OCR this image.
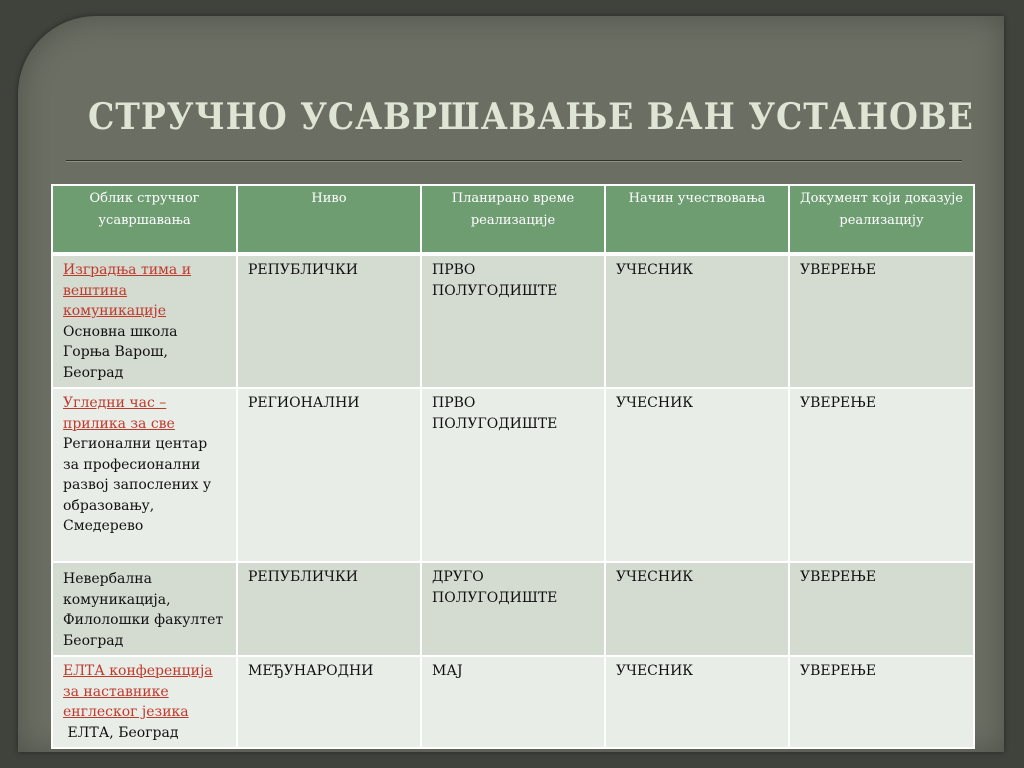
СТРУЧНО УСАВРШАВАЊЕ ВАН УСТАНОВЕ
Облик стручног усавршавања	Ниво	Планирано време реализације	Начин учествовања	Документ који доказује реализацију

Изградња тима и вештина комуникације
Основна школа Горња Варош, Београд	РЕПУБЛИЧКИ	ПРВО ПОЛУГОДИШТЕ	УЧЕСНИК	УВЕРЕЊЕ

Угледни час – прилика за све
Регионални центар за професионални развој запослених у образовању, Смедерево	РЕГИОНАЛНИ	ПРВО ПОЛУГОДИШТЕ	УЧЕСНИК	УВЕРЕЊЕ

Невербална комуникација, Филолошки факултет Београд	РЕПУБЛИЧКИ	ДРУГО ПОЛУГОДИШТЕ	УЧЕСНИК	УВЕРЕЊЕ

ЕЛТА конференција за наставнике енглеског језика
ЕЛТА, Београд	МЕЂУНАРОДНИ	МАЈ	УЧЕСНИК	УВЕРЕЊЕ
